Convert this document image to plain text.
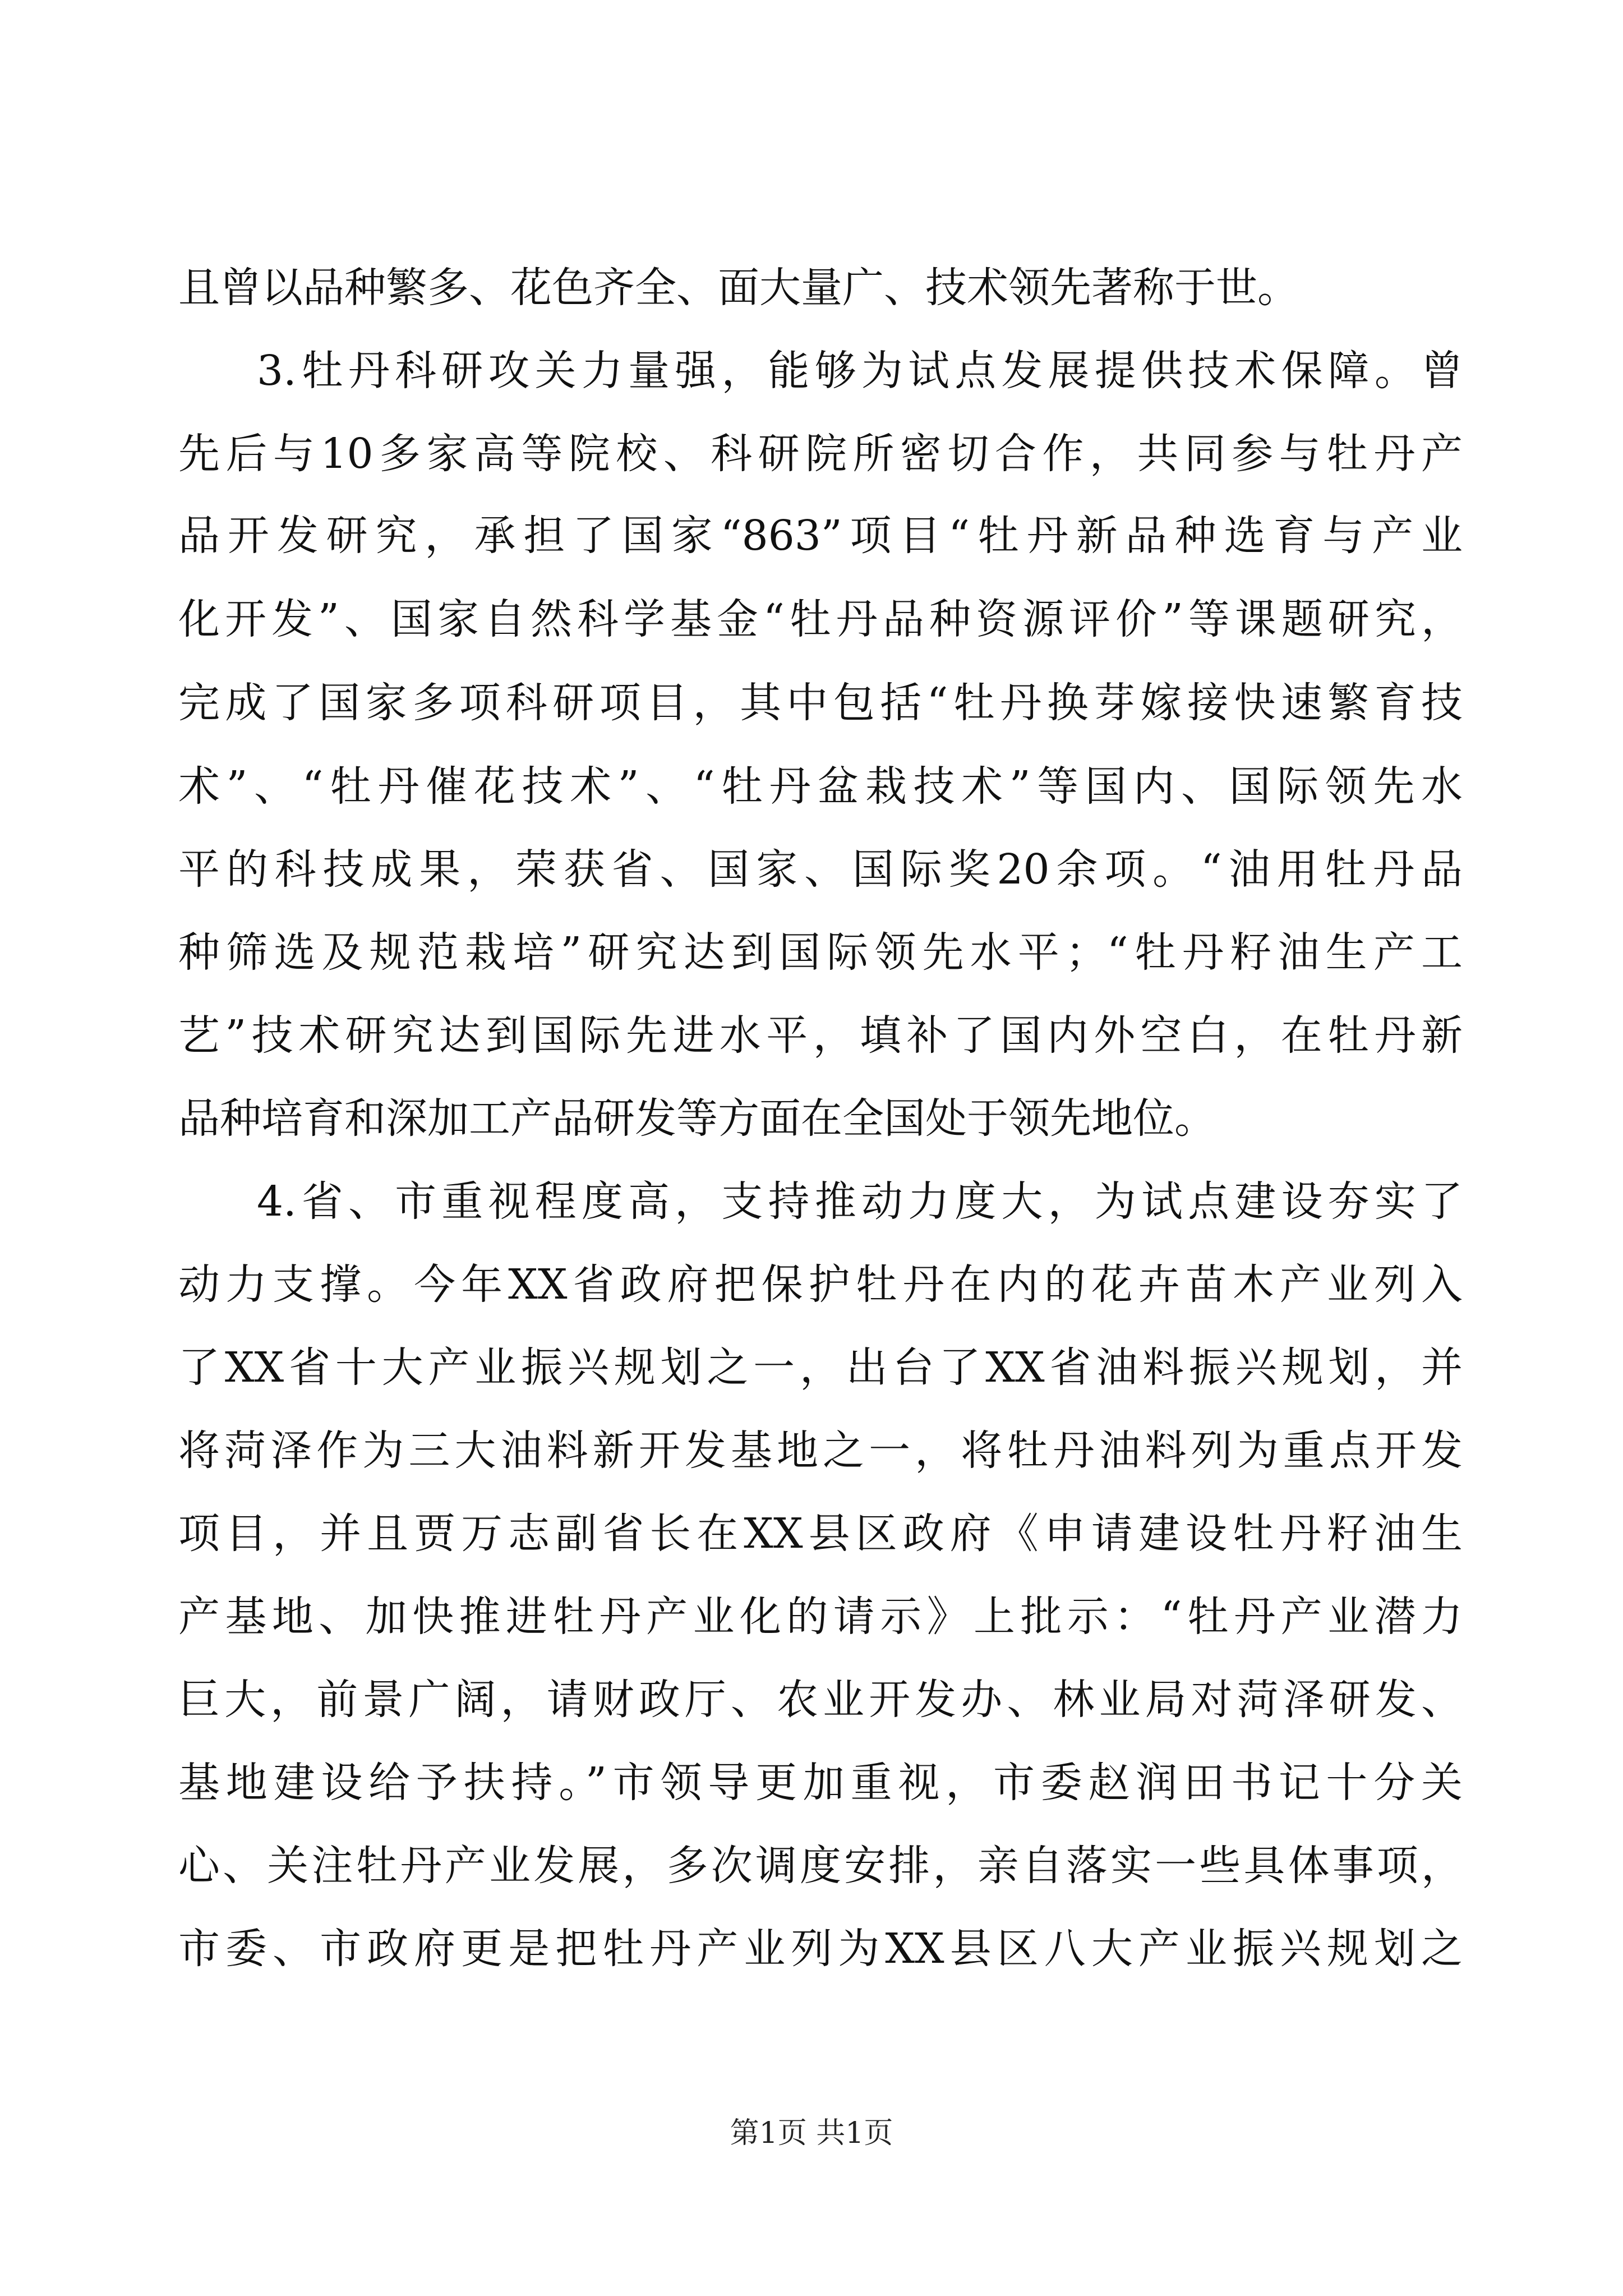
且曾以品种繁多、花色齐全、面大量广、技术领先著称于世。
3.牡丹科研攻关力量强，能够为试点发展提供技术保障。曾
先后与10多家高等院校、科研院所密切合作，共同参与牡丹产
品开发研究，承担了国家“863”项目“牡丹新品种选育与产业
化开发”、国家自然科学基金“牡丹品种资源评价”等课题研究，
完成了国家多项科研项目，其中包括“牡丹换芽嫁接快速繁育技
术”、“牡丹催花技术”、“牡丹盆栽技术”等国内、国际领先水
平的科技成果，荣获省、国家、国际奖20余项。“油用牡丹品
种筛选及规范栽培”研究达到国际领先水平；“牡丹籽油生产工
艺”技术研究达到国际先进水平，填补了国内外空白，在牡丹新
品种培育和深加工产品研发等方面在全国处于领先地位。
4.省、市重视程度高，支持推动力度大，为试点建设夯实了
动力支撑。今年XX省政府把保护牡丹在内的花卉苗木产业列入
了XX省十大产业振兴规划之一，出台了XX省油料振兴规划，并
将菏泽作为三大油料新开发基地之一，将牡丹油料列为重点开发
项目，并且贾万志副省长在XX县区政府《申请建设牡丹籽油生
产基地、加快推进牡丹产业化的请示》上批示：“牡丹产业潜力
巨大，前景广阔，请财政厅、农业开发办、林业局对菏泽研发、
基地建设给予扶持。”市领导更加重视，市委赵润田书记十分关
心、关注牡丹产业发展，多次调度安排，亲自落实一些具体事项，
市委、市政府更是把牡丹产业列为XX县区八大产业振兴规划之
第1页 共1页
